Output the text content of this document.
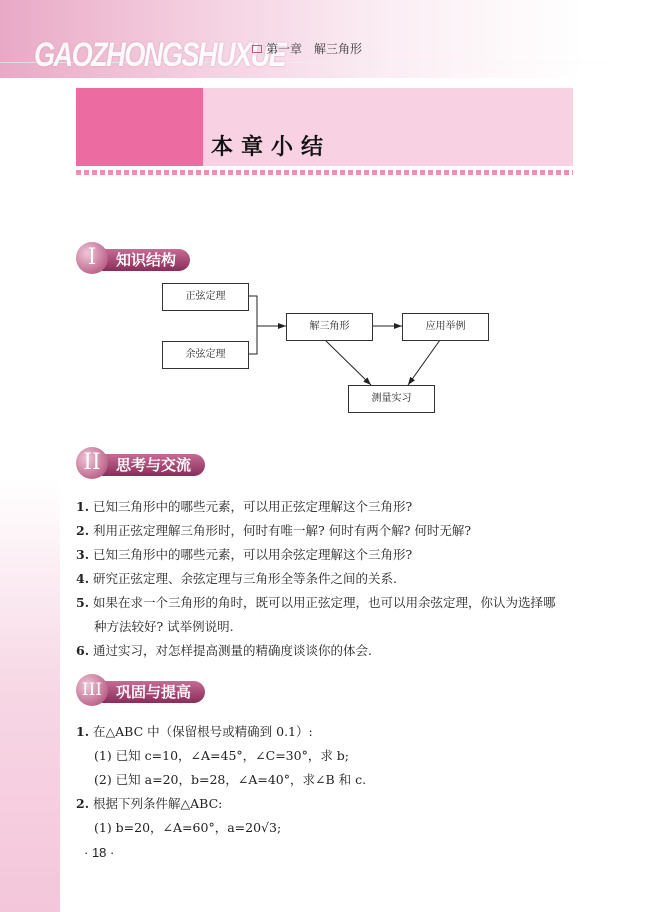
GAOZHONGSHUXUE
第一章　解三角形
本章小结
知识结构
I
正弦定理
余弦定理
解三角形	应用举例
测量实习
思考与交流
II
1. 已知三角形中的哪些元素，可以用正弦定理解这个三角形?
2. 利用正弦定理解三角形时，何时有唯一解? 何时有两个解? 何时无解?
3. 已知三角形中的哪些元素，可以用余弦定理解这个三角形?
4. 研究正弦定理、余弦定理与三角形全等条件之间的关系.
5. 如果在求一个三角形的角时，既可以用正弦定理，也可以用余弦定理，你认为选择哪
种方法较好? 试举例说明.
6. 通过实习，对怎样提高测量的精确度谈谈你的体会.
巩固与提高
III
1. 在△ABC 中（保留根号或精确到 0.1）:
(1) 已知 c=10，∠A=45°，∠C=30°，求 b;
(2) 已知 a=20，b=28，∠A=40°，求∠B 和 c.
2. 根据下列条件解△ABC:
(1) b=20，∠A=60°，a=20√3;
· 18 ·
